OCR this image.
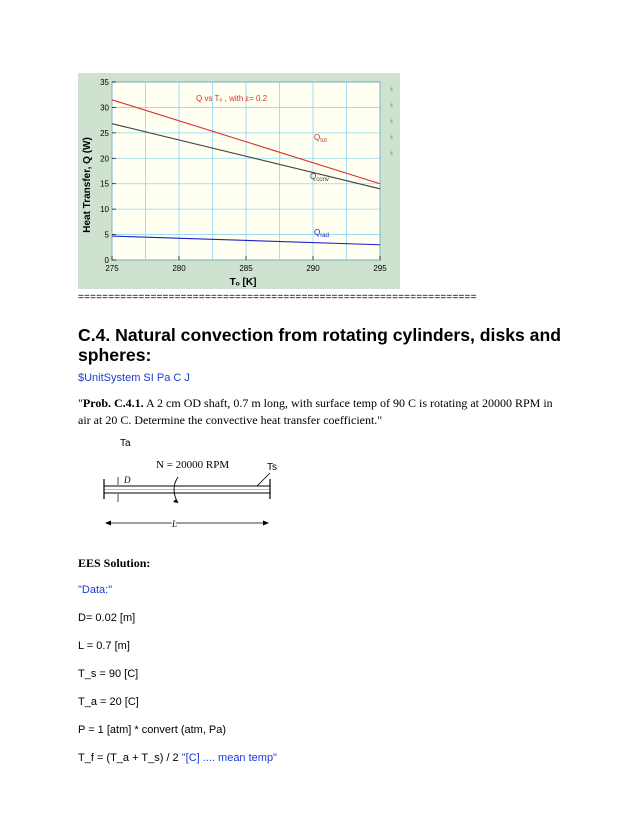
275	280	285	290	295
0
5
10
15
20
25
30
35
$Q_{tot}$
$Q_{conv}$
$Q_{rad}$
Heat Transfer, Q (W)
Tₒ [K]
Q vs Tₒ , with ε= 0.2
±
±
±
±
±
==================================================================
C.4. Natural convection from rotating cylinders, disks and spheres:
$UnitSystem SI Pa C J
"Prob. C.4.1. A 2 cm OD shaft, 0.7 m long, with surface temp of 90 C is rotating at 20000 RPM in air at 20 C. Determine the convective heat transfer coefficient."
Ta
N = 20000 RPM	Ts
D
L
EES Solution:
"Data:"
D= 0.02 [m]
L = 0.7 [m]
T_s = 90 [C]
T_a = 20 [C]
P = 1 [atm] * convert (atm, Pa)
T_f = (T_a + T_s) / 2 "[C] .... mean temp"
